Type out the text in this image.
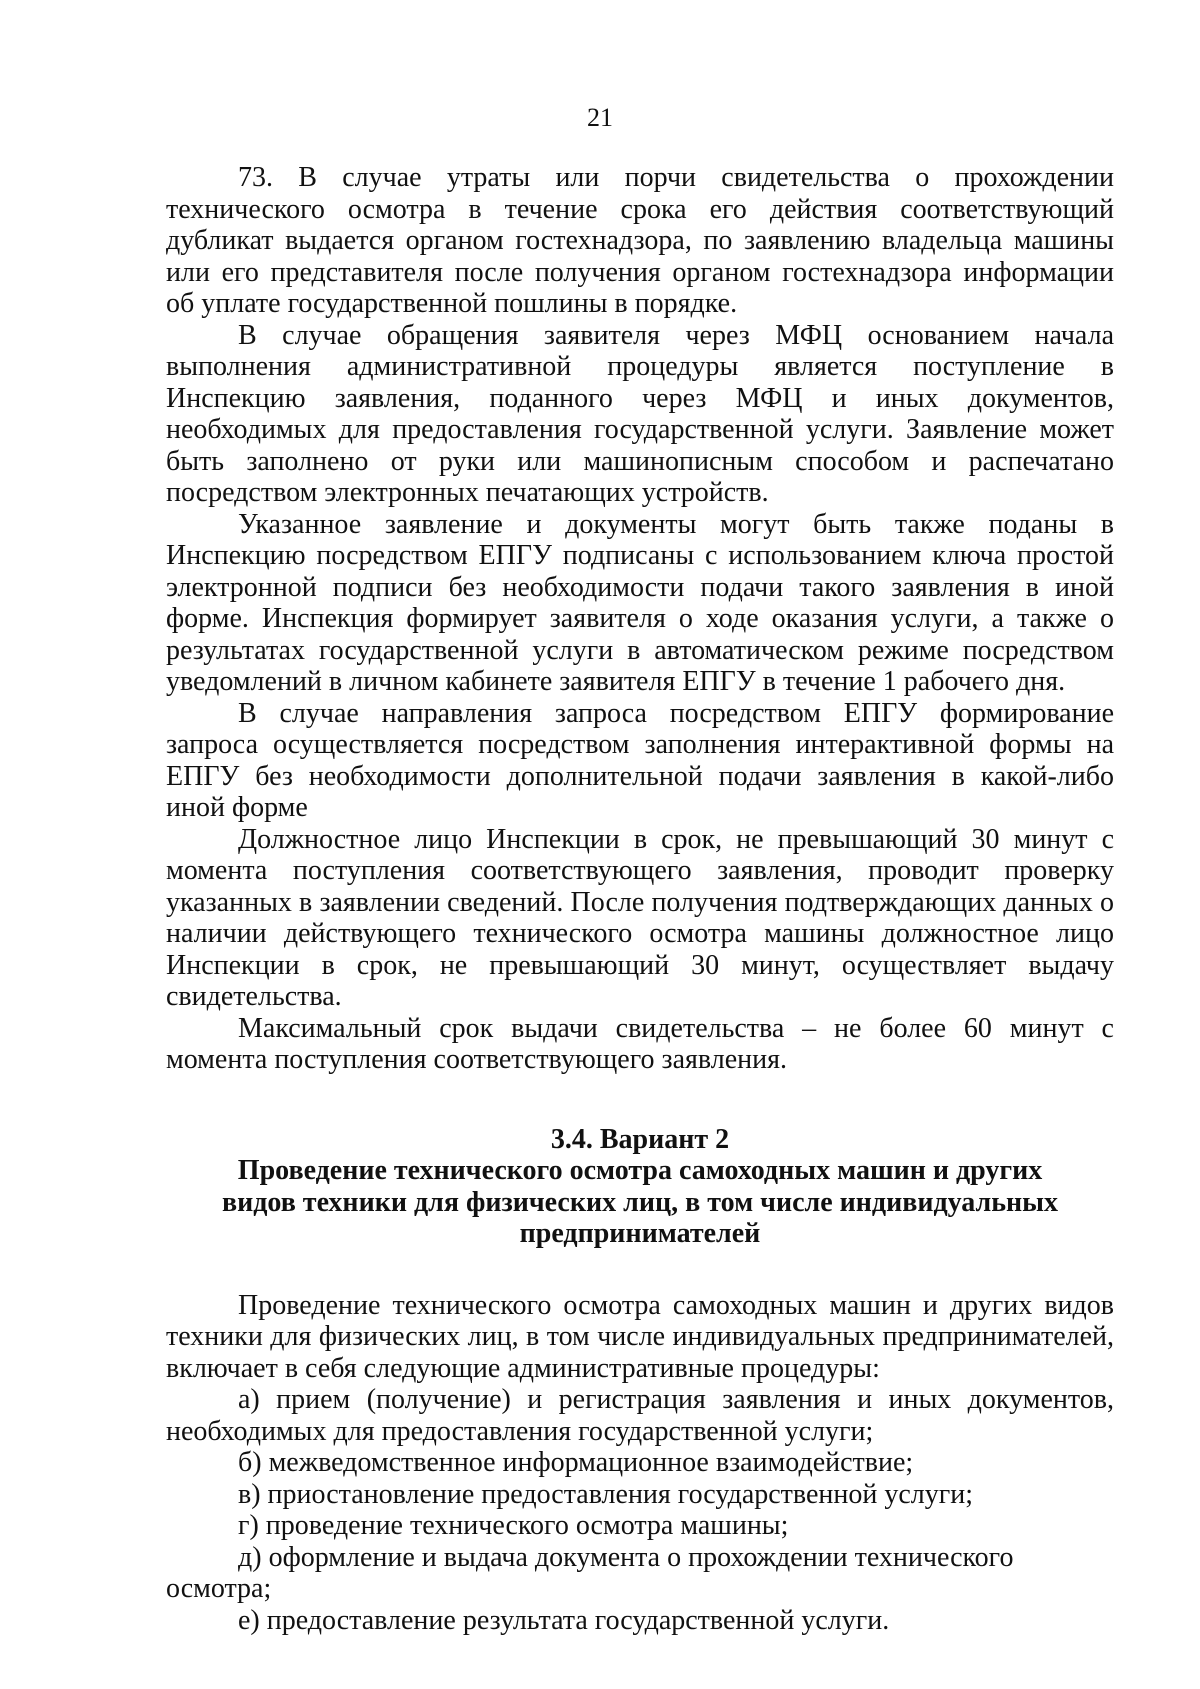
21

73. В случае утраты или порчи свидетельства о прохождении технического осмотра в течение срока его действия соответствующий дубликат выдается органом гостехнадзора, по заявлению владельца машины или его представителя после получения органом гостехнадзора информации об уплате государственной пошлины в порядке.

В случае обращения заявителя через МФЦ основанием начала выполнения административной процедуры является поступление в Инспекцию заявления, поданного через МФЦ и иных документов, необходимых для предоставления государственной услуги. Заявление может быть заполнено от руки или машинописным способом и распечатано посредством электронных печатающих устройств.

Указанное заявление и документы могут быть также поданы в Инспекцию посредством ЕПГУ подписаны с использованием ключа простой электронной подписи без необходимости подачи такого заявления в иной форме. Инспекция формирует заявителя о ходе оказания услуги, а также о результатах государственной услуги в автоматическом режиме посредством уведомлений в личном кабинете заявителя ЕПГУ в течение 1 рабочего дня.

В случае направления запроса посредством ЕПГУ формирование запроса осуществляется посредством заполнения интерактивной формы на ЕПГУ без необходимости дополнительной подачи заявления в какой-либо иной форме

Должностное лицо Инспекции в срок, не превышающий 30 минут с момента поступления соответствующего заявления, проводит проверку указанных в заявлении сведений. После получения подтверждающих данных о наличии действующего технического осмотра машины должностное лицо Инспекции в срок, не превышающий 30 минут, осуществляет выдачу свидетельства.

Максимальный срок выдачи свидетельства – не более 60 минут с момента поступления соответствующего заявления.

3.4. Вариант 2

Проведение технического осмотра самоходных машин и других

видов техники для физических лиц, в том числе индивидуальных

предпринимателей

Проведение технического осмотра самоходных машин и других видов техники для физических лиц, в том числе индивидуальных предпринимателей, включает в себя следующие административные процедуры:

а) прием (получение) и регистрация заявления и иных документов, необходимых для предоставления государственной услуги;

б) межведомственное информационное взаимодействие;

в) приостановление предоставления государственной услуги;

г) проведение технического осмотра машины;

д) оформление и выдача документа о прохождении технического осмотра;

е) предоставление результата государственной услуги.
